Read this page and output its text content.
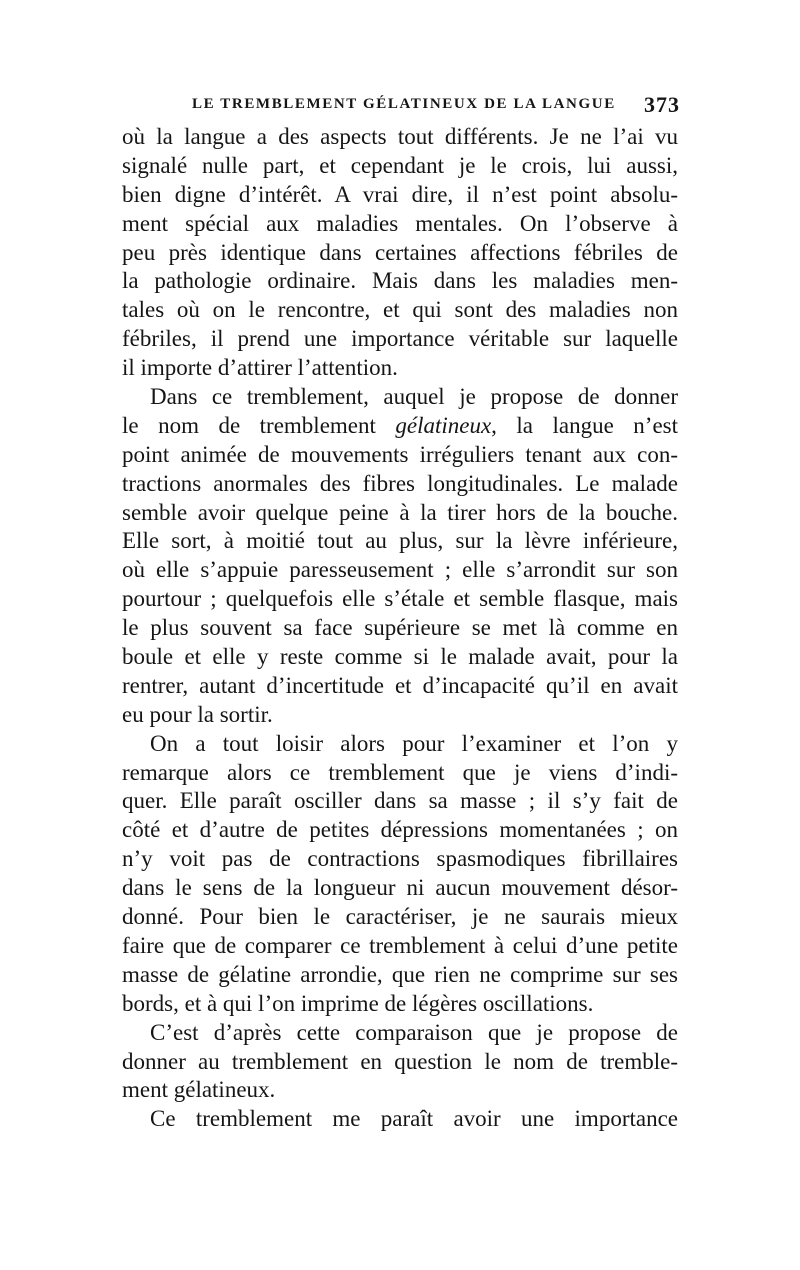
LE TREMBLEMENT GÉLATINEUX DE LA LANGUE 373
où la langue a des aspects tout différents. Je ne l’ai vu
signalé nulle part, et cependant je le crois, lui aussi,
bien digne d’intérêt. A vrai dire, il n’est point absolu-
ment spécial aux maladies mentales. On l’observe à
peu près identique dans certaines affections fébriles de
la pathologie ordinaire. Mais dans les maladies men-
tales où on le rencontre, et qui sont des maladies non
fébriles, il prend une importance véritable sur laquelle
il importe d’attirer l’attention.
Dans ce tremblement, auquel je propose de donner
le nom de tremblement gélatineux, la langue n’est
point animée de mouvements irréguliers tenant aux con-
tractions anormales des fibres longitudinales. Le malade
semble avoir quelque peine à la tirer hors de la bouche.
Elle sort, à moitié tout au plus, sur la lèvre inférieure,
où elle s’appuie paresseusement ; elle s’arrondit sur son
pourtour ; quelquefois elle s’étale et semble flasque, mais
le plus souvent sa face supérieure se met là comme en
boule et elle y reste comme si le malade avait, pour la
rentrer, autant d’incertitude et d’incapacité qu’il en avait
eu pour la sortir.
On a tout loisir alors pour l’examiner et l’on y
remarque alors ce tremblement que je viens d’indi-
quer. Elle paraît osciller dans sa masse ; il s’y fait de
côté et d’autre de petites dépressions momentanées ; on
n’y voit pas de contractions spasmodiques fibrillaires
dans le sens de la longueur ni aucun mouvement désor-
donné. Pour bien le caractériser, je ne saurais mieux
faire que de comparer ce tremblement à celui d’une petite
masse de gélatine arrondie, que rien ne comprime sur ses
bords, et à qui l’on imprime de légères oscillations.
C’est d’après cette comparaison que je propose de
donner au tremblement en question le nom de tremble-
ment gélatineux.
Ce tremblement me paraît avoir une importance
